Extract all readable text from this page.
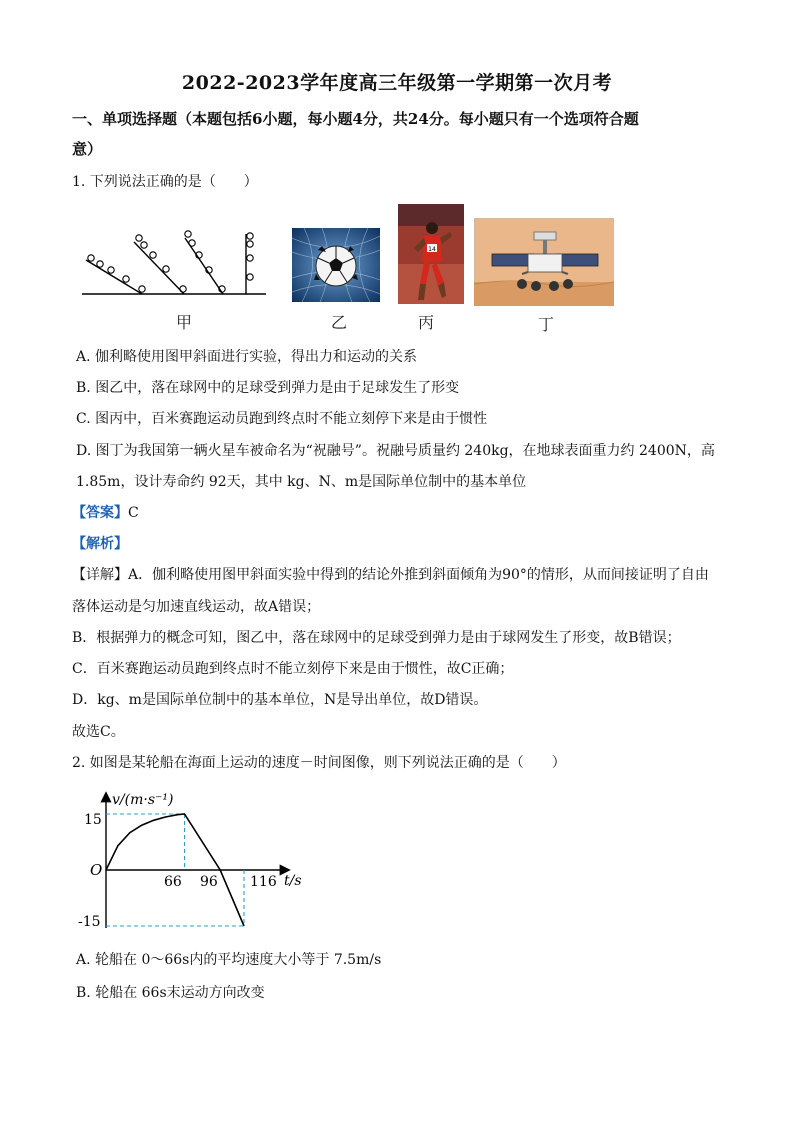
2022-2023学年度高三年级第一学期第一次月考
一、单项选择题（本题包括6小题，每小题4分，共24分。每小题只有一个选项符合题
意）
1. 下列说法正确的是（　　）
14
甲	乙	丙	丁
A. 伽利略使用图甲斜面进行实验，得出力和运动的关系
B. 图乙中，落在球网中的足球受到弹力是由于足球发生了形变
C. 图丙中，百米赛跑运动员跑到终点时不能立刻停下来是由于惯性
D. 图丁为我国第一辆火星车被命名为“祝融号”。祝融号质量约 240kg，在地球表面重力约 2400N，高
1.85m，设计寿命约 92天，其中 kg、N、m是国际单位制中的基本单位
【答案】C
【解析】
【详解】A．伽利略使用图甲斜面实验中得到的结论外推到斜面倾角为90°的情形，从而间接证明了自由
落体运动是匀加速直线运动，故A错误；
B．根据弹力的概念可知，图乙中，落在球网中的足球受到弹力是由于球网发生了形变，故B错误；
C．百米赛跑运动员跑到终点时不能立刻停下来是由于惯性，故C正确；
D．kg、m是国际单位制中的基本单位，N是导出单位，故D错误。
故选C。
2. 如图是某轮船在海面上运动的速度－时间图像，则下列说法正确的是（　　）
v/(m·s⁻¹)
t/s
O
15
-15
66 96 116
A. 轮船在 0～66s内的平均速度大小等于 7.5m/s
B. 轮船在 66s末运动方向改变
